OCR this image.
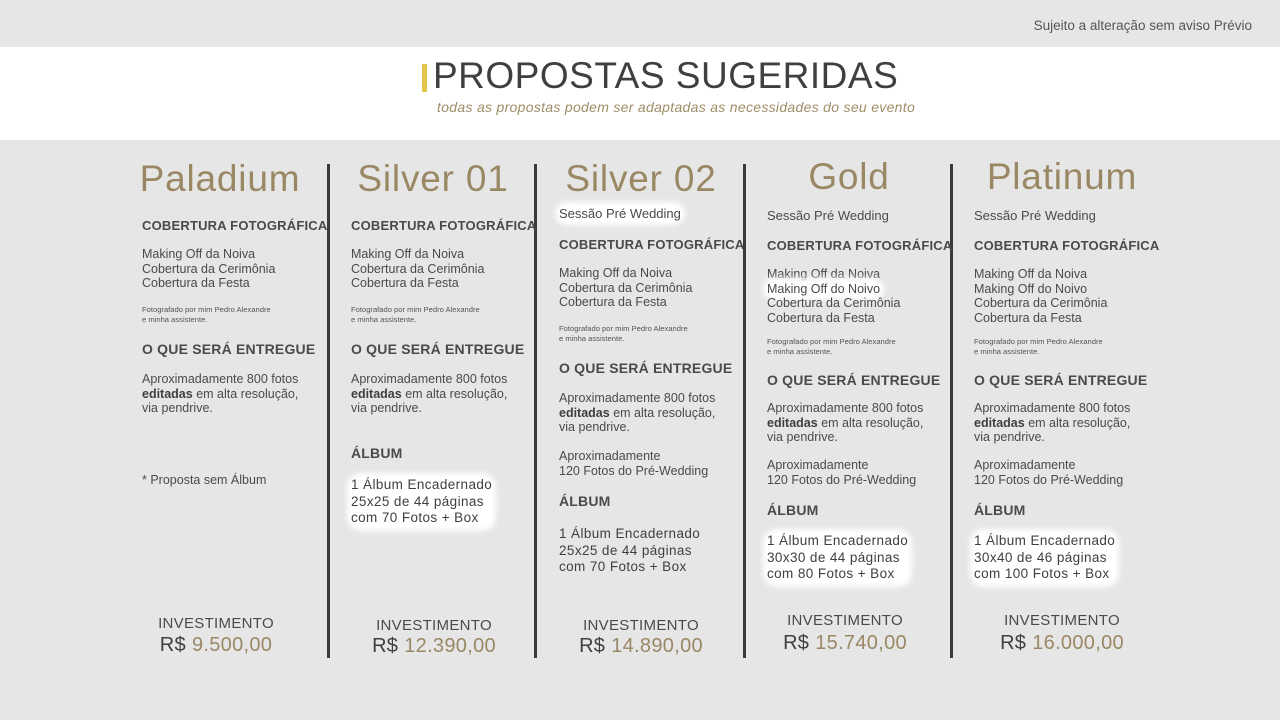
Sujeito a alteração sem aviso Prévio
PROPOSTAS SUGERIDAS
todas as propostas podem ser adaptadas as necessidades do seu evento
Paladium
COBERTURA FOTOGRÁFICA
Making Off da Noiva
Cobertura da Cerimônia
Cobertura da Festa
Fotografado por mim Pedro Alexandre
e minha assistente.
O QUE SERÁ ENTREGUE
Aproximadamente 800 fotos
editadas em alta resolução,
via pendrive.
* Proposta sem Álbum
INVESTIMENTO
R$ 9.500,00
Silver 01
COBERTURA FOTOGRÁFICA
Making Off da Noiva
Cobertura da Cerimônia
Cobertura da Festa
Fotografado por mim Pedro Alexandre
e minha assistente.
O QUE SERÁ ENTREGUE
Aproximadamente 800 fotos
editadas em alta resolução,
via pendrive.
ÁLBUM
1 Álbum Encadernado
25x25 de 44 páginas
com 70 Fotos + Box
INVESTIMENTO
R$ 12.390,00
Silver 02
Sessão Pré Wedding
COBERTURA FOTOGRÁFICA
Making Off da Noiva
Cobertura da Cerimônia
Cobertura da Festa
Fotografado por mim Pedro Alexandre
e minha assistente.
O QUE SERÁ ENTREGUE
Aproximadamente 800 fotos
editadas em alta resolução,
via pendrive.
Aproximadamente
120 Fotos do Pré-Wedding
ÁLBUM
1 Álbum Encadernado
25x25 de 44 páginas
com 70 Fotos + Box
INVESTIMENTO
R$ 14.890,00
Gold
Sessão Pré Wedding
COBERTURA FOTOGRÁFICA
Making Off da Noiva
Making Off do Noivo
Cobertura da Cerimônia
Cobertura da Festa
Fotografado por mim Pedro Alexandre
e minha assistente.
O QUE SERÁ ENTREGUE
Aproximadamente 800 fotos
editadas em alta resolução,
via pendrive.
Aproximadamente
120 Fotos do Pré-Wedding
ÁLBUM
1 Álbum Encadernado
30x30 de 44 páginas
com 80 Fotos + Box
INVESTIMENTO
R$ 15.740,00
Platinum
Sessão Pré Wedding
COBERTURA FOTOGRÁFICA
Making Off da Noiva
Making Off do Noivo
Cobertura da Cerimônia
Cobertura da Festa
Fotografado por mim Pedro Alexandre
e minha assistente.
O QUE SERÁ ENTREGUE
Aproximadamente 800 fotos
editadas em alta resolução,
via pendrive.
Aproximadamente
120 Fotos do Pré-Wedding
ÁLBUM
1 Álbum Encadernado
30x40 de 46 páginas
com 100 Fotos + Box
INVESTIMENTO
R$ 16.000,00
